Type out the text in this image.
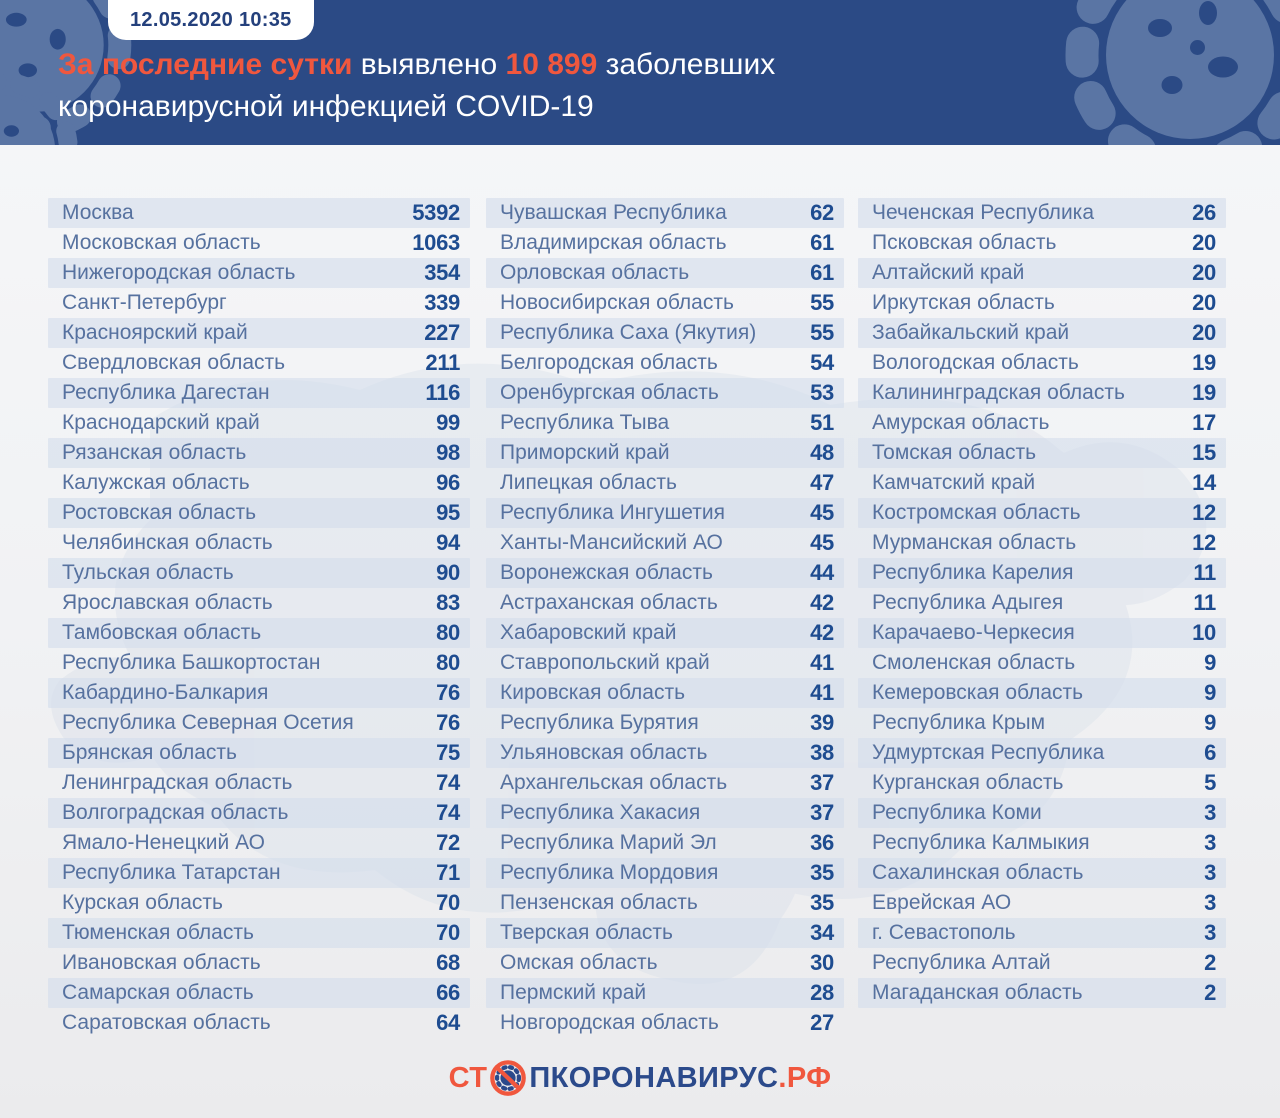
12.05.2020 10:35
За последние сутки выявлено 10 899 заболевших
коронавирусной инфекцией COVID-19
Москва	5392
Московская область	1063
Нижегородская область	354
Санкт-Петербург	339
Красноярский край	227
Свердловская область	211
Республика Дагестан	116
Краснодарский край	99
Рязанская область	98
Калужская область	96
Ростовская область	95
Челябинская область	94
Тульская область	90
Ярославская область	83
Тамбовская область	80
Республика Башкортостан	80
Кабардино-Балкария	76
Республика Северная Осетия	76
Брянская область	75
Ленинградская область	74
Волгоградская область	74
Ямало-Ненецкий АО	72
Республика Татарстан	71
Курская область	70
Тюменская область	70
Ивановская область	68
Самарская область	66
Саратовская область	64
Чувашская Республика	62
Владимирская область	61
Орловская область	61
Новосибирская область	55
Республика Саха (Якутия) 55
Белгородская область	54
Оренбургская область	53
Республика Тыва	51
Приморский край	48
Липецкая область	47
Республика Ингушетия	45
Ханты-Мансийский АО	45
Воронежская область	44
Астраханская область	42
Хабаровский край	42
Ставропольский край	41
Кировская область	41
Республика Бурятия	39
Ульяновская область	38
Архангельская область	37
Республика Хакасия	37
Республика Марий Эл	36
Республика Мордовия	35
Пензенская область	35
Тверская область	34
Омская область	30
Пермский край	28
Новгородская область	27
Чеченская Республика	26
Псковская область	20
Алтайский край	20
Иркутская область	20
Забайкальский край	20
Вологодская область	19
Калининградская область	19
Амурская область	17
Томская область	15
Камчатский край	14
Костромская область	12
Мурманская область	12
Республика Карелия	11
Республика Адыгея	11
Карачаево-Черкесия	10
Смоленская область	9
Кемеровская область	9
Республика Крым	9
Удмуртская Республика	6
Курганская область	5
Республика Коми	3
Республика Калмыкия	3
Сахалинская область	3
Еврейская АО	3
г. Севастополь	3
Республика Алтай	2
Магаданская область	2
СТ ПКОРОНАВИРУС .РФ
